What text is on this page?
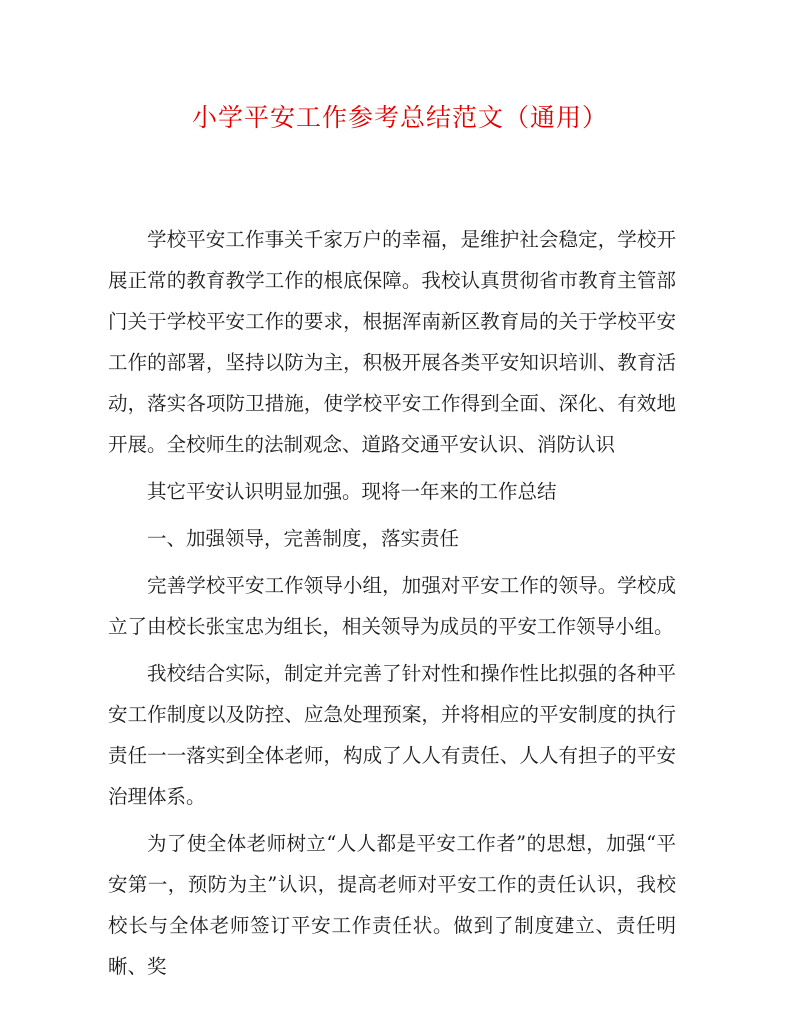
小学平安工作参考总结范文（通用）

学校平安工作事关千家万户的幸福，是维护社会稳定，学校开展正常的教育教学工作的根底保障。我校认真贯彻省市教育主管部门关于学校平安工作的要求，根据浑南新区教育局的关于学校平安工作的部署，坚持以防为主，积极开展各类平安知识培训、教育活动，落实各项防卫措施，使学校平安工作得到全面、深化、有效地开展。全校师生的法制观念、道路交通平安认识、消防认识

其它平安认识明显加强。现将一年来的工作总结

一、加强领导，完善制度，落实责任

完善学校平安工作领导小组，加强对平安工作的领导。学校成立了由校长张宝忠为组长，相关领导为成员的平安工作领导小组。

我校结合实际，制定并完善了针对性和操作性比拟强的各种平安工作制度以及防控、应急处理预案，并将相应的平安制度的执行责任一一落实到全体老师，构成了人人有责任、人人有担子的平安治理体系。

为了使全体老师树立“人人都是平安工作者”的思想，加强“平安第一，预防为主”认识，提高老师对平安工作的责任认识，我校校长与全体老师签订平安工作责任状。做到了制度建立、责任明晰、奖
